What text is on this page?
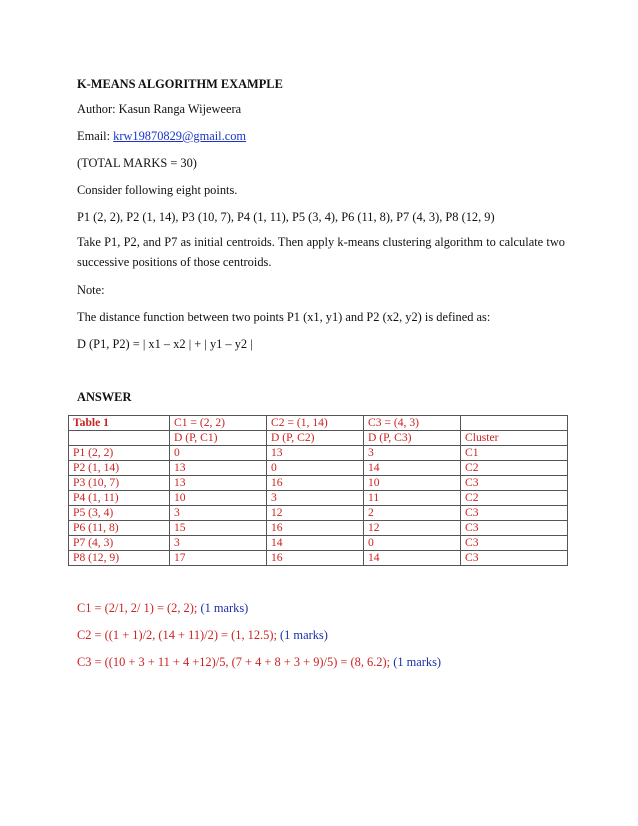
K-MEANS ALGORITHM EXAMPLE
Author: Kasun Ranga Wijeweera
Email: krw19870829@gmail.com
(TOTAL MARKS = 30)
Consider following eight points.
P1 (2, 2), P2 (1, 14), P3 (10, 7), P4 (1, 11), P5 (3, 4), P6 (11, 8), P7 (4, 3), P8 (12, 9)
Take P1, P2, and P7 as initial centroids. Then apply k-means clustering algorithm to calculate two successive positions of those centroids.
Note:
The distance function between two points P1 (x1, y1) and P2 (x2, y2) is defined as:
D (P1, P2) = | x1 – x2 | + | y1 – y2 |
ANSWER
Table 1	C1 = (2, 2)	C2 = (1, 14)	C3 = (4, 3)	
	D (P, C1)	D (P, C2)	D (P, C3)	Cluster
P1 (2, 2)	0	13	3	C1
P2 (1, 14)	13	0	14	C2
P3 (10, 7)	13	16	10	C3
P4 (1, 11)	10	3	11	C2
P5 (3, 4)	3	12	2	C3
P6 (11, 8)	15	16	12	C3
P7 (4, 3)	3	14	0	C3
P8 (12, 9)	17	16	14	C3
C1 = (2/1, 2/ 1) = (2, 2); (1 marks)
C2 = ((1 + 1)/2, (14 + 11)/2) = (1, 12.5); (1 marks)
C3 = ((10 + 3 + 11 + 4 +12)/5, (7 + 4 + 8 + 3 + 9)/5) = (8, 6.2); (1 marks)
